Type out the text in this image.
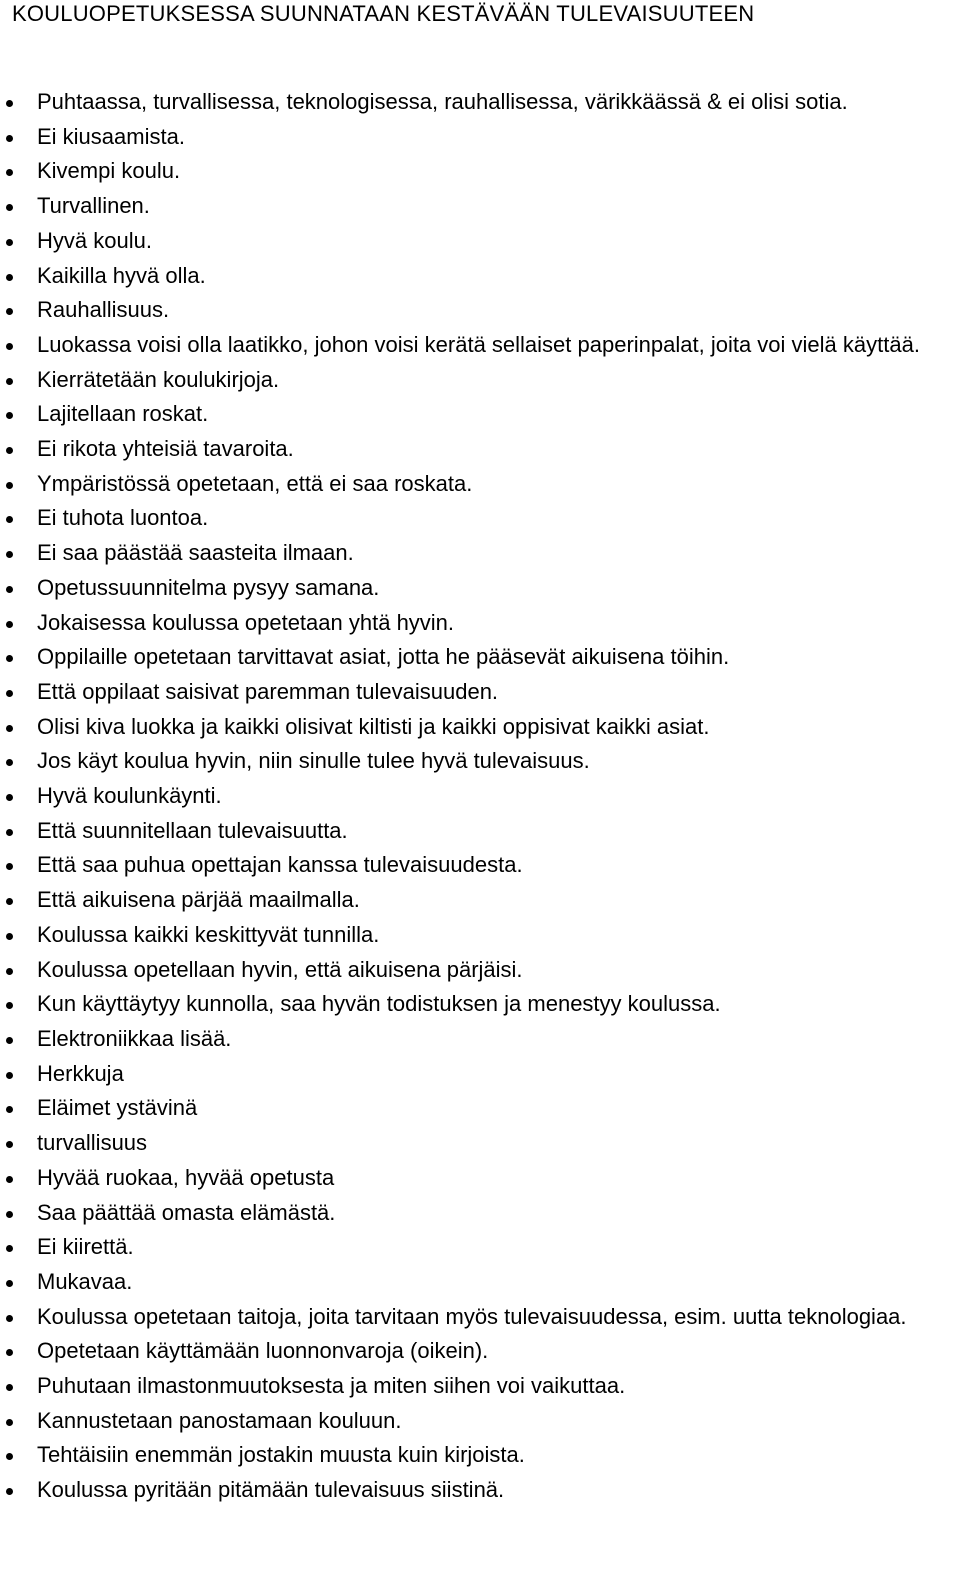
KOULUOPETUKSESSA SUUNNATAAN KESTÄVÄÄN TULEVAISUUTEEN
Puhtaassa, turvallisessa, teknologisessa, rauhallisessa, värikkäässä & ei olisi sotia.
Ei kiusaamista.
Kivempi koulu.
Turvallinen.
Hyvä koulu.
Kaikilla hyvä olla.
Rauhallisuus.
Luokassa voisi olla laatikko, johon voisi kerätä sellaiset paperinpalat, joita voi vielä käyttää.
Kierrätetään koulukirjoja.
Lajitellaan roskat.
Ei rikota yhteisiä tavaroita.
Ympäristössä opetetaan, että ei saa roskata.
Ei tuhota luontoa.
Ei saa päästää saasteita ilmaan.
Opetussuunnitelma pysyy samana.
Jokaisessa koulussa opetetaan yhtä hyvin.
Oppilaille opetetaan tarvittavat asiat, jotta he pääsevät aikuisena töihin.
Että oppilaat saisivat paremman tulevaisuuden.
Olisi kiva luokka ja kaikki olisivat kiltisti ja kaikki oppisivat kaikki asiat.
Jos käyt koulua hyvin, niin sinulle tulee hyvä tulevaisuus.
Hyvä koulunkäynti.
Että suunnitellaan tulevaisuutta.
Että saa puhua opettajan kanssa tulevaisuudesta.
Että aikuisena pärjää maailmalla.
Koulussa kaikki keskittyvät tunnilla.
Koulussa opetellaan hyvin, että aikuisena pärjäisi.
Kun käyttäytyy kunnolla, saa hyvän todistuksen ja menestyy koulussa.
Elektroniikkaa lisää.
Herkkuja
Eläimet ystävinä
turvallisuus
Hyvää ruokaa, hyvää opetusta
Saa päättää omasta elämästä.
Ei kiirettä.
Mukavaa.
Koulussa opetetaan taitoja, joita tarvitaan myös tulevaisuudessa, esim. uutta teknologiaa.
Opetetaan käyttämään luonnonvaroja (oikein).
Puhutaan ilmastonmuutoksesta ja miten siihen voi vaikuttaa.
Kannustetaan panostamaan kouluun.
Tehtäisiin enemmän jostakin muusta kuin kirjoista.
Koulussa pyritään pitämään tulevaisuus siistinä.
